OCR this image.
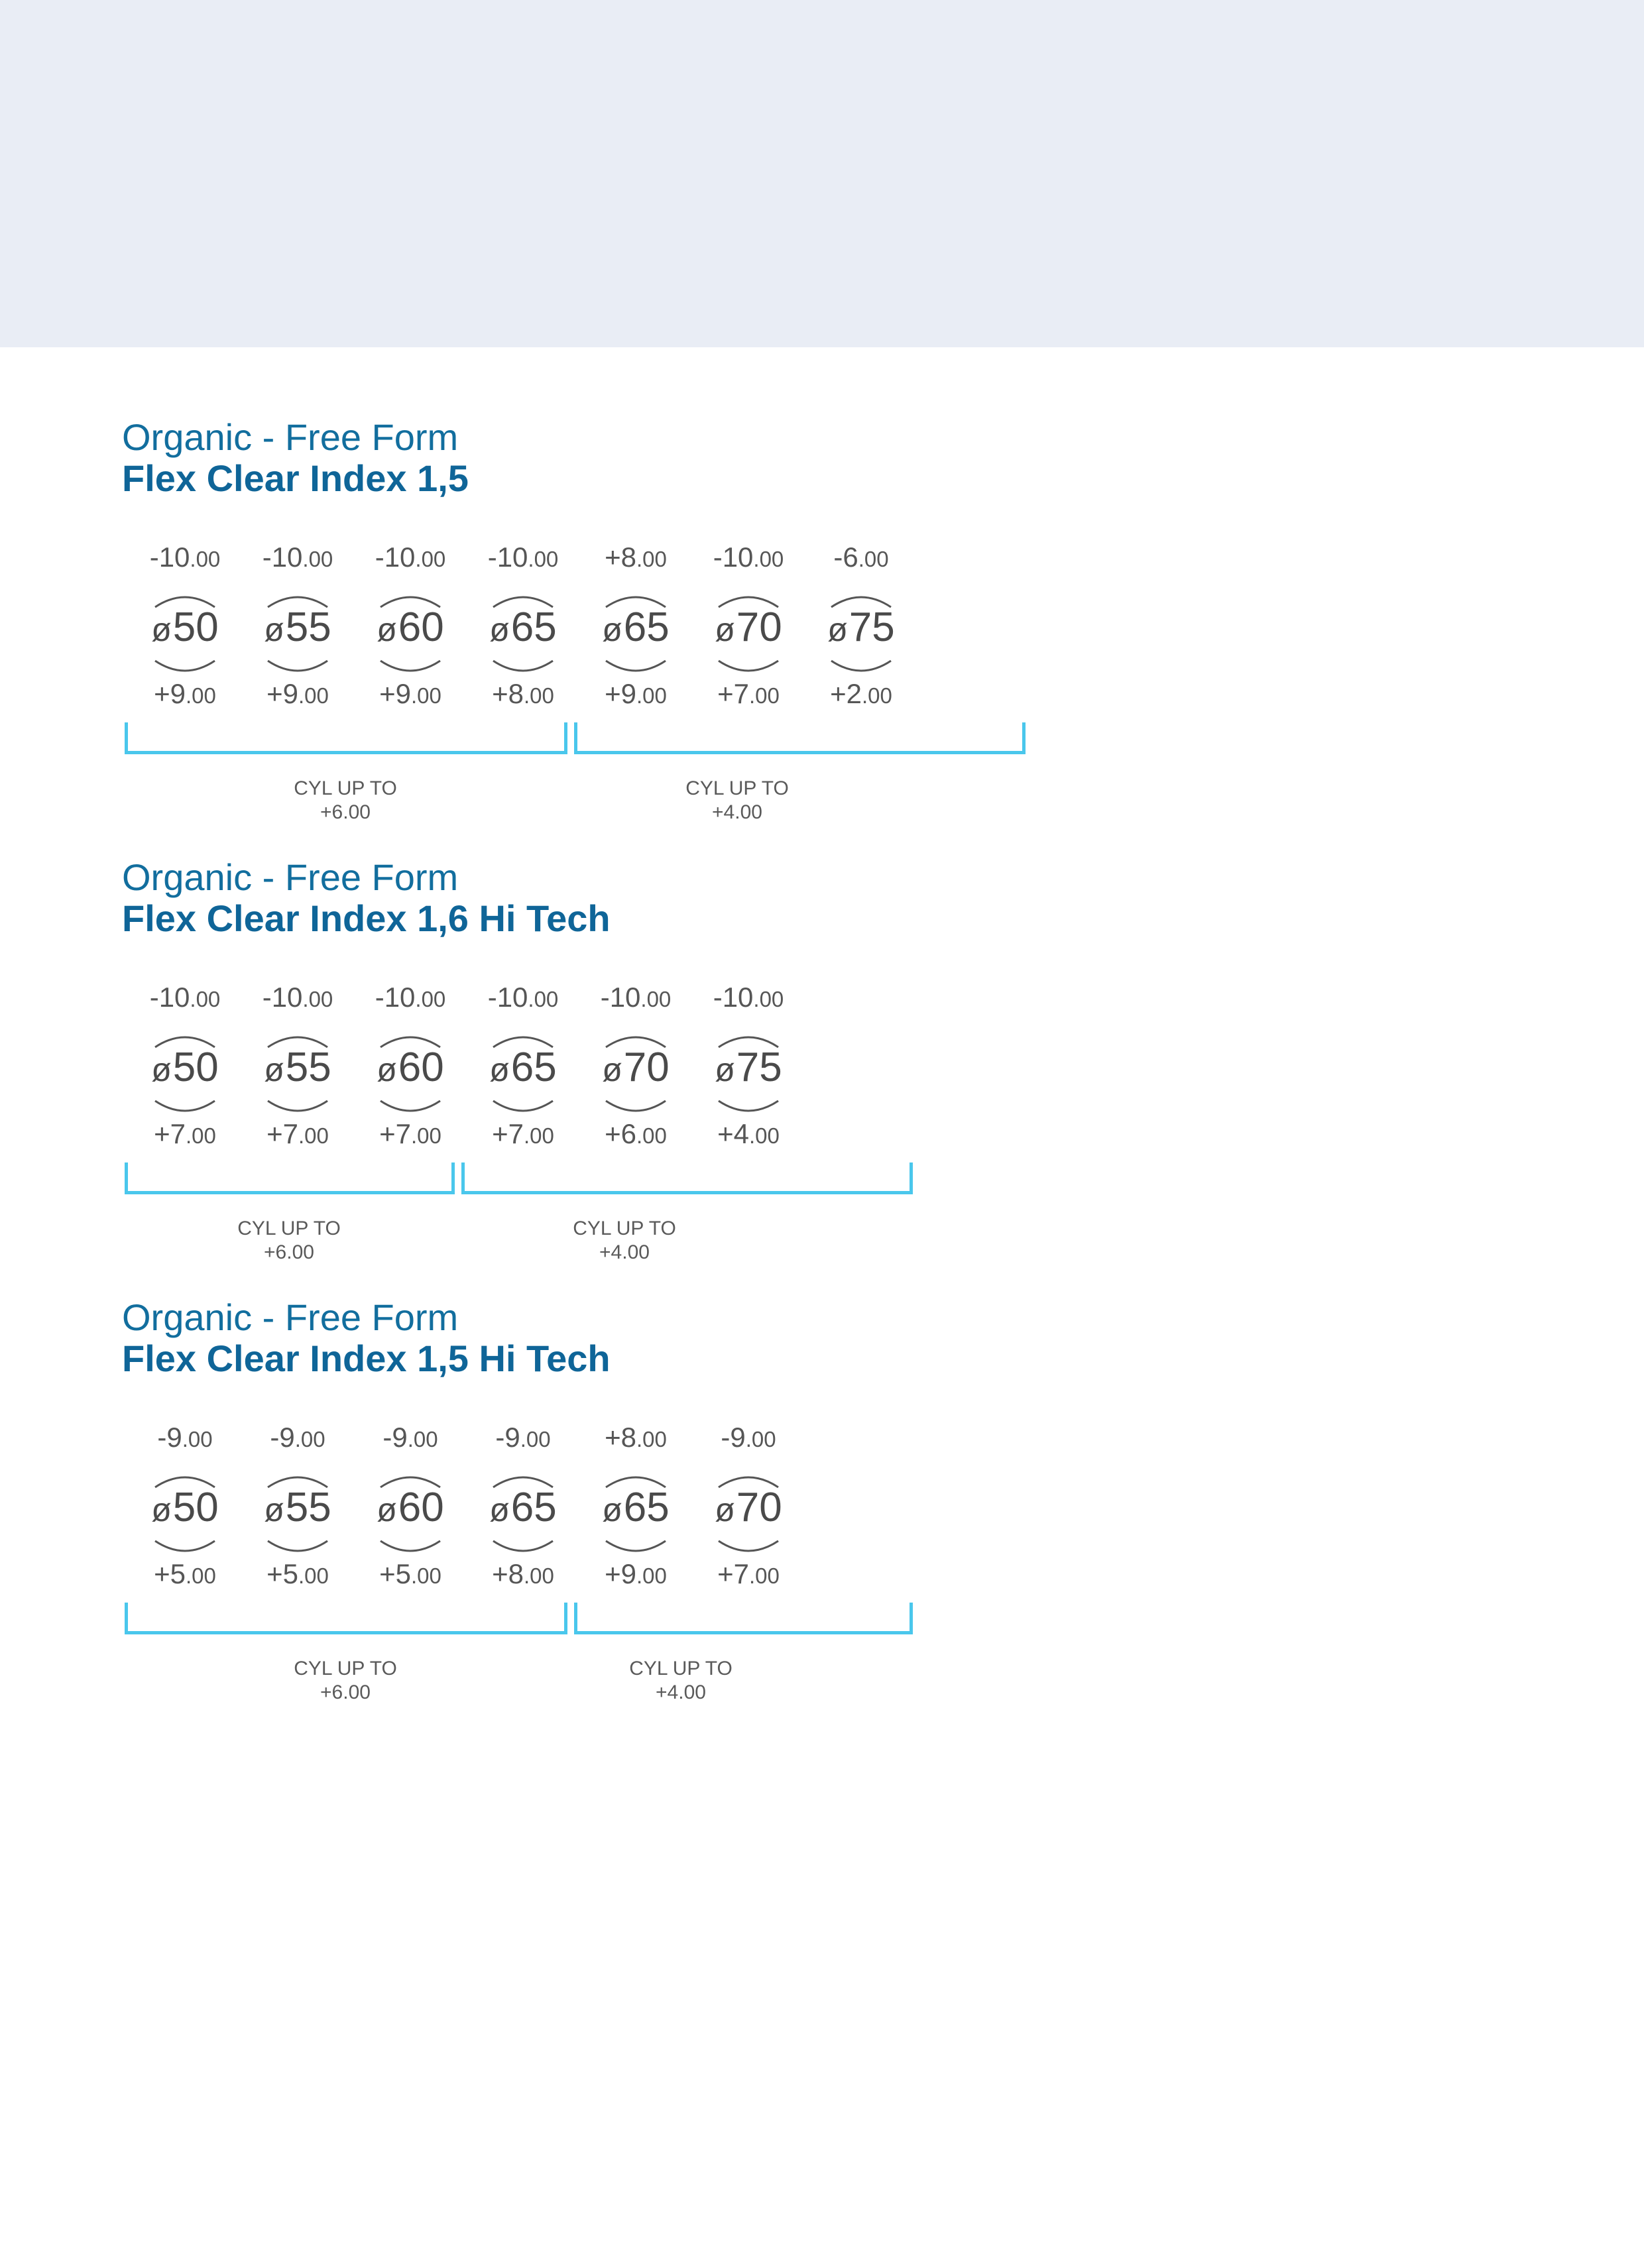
Organic - Free Form
Flex Clear Index 1,5
-10.00
ø50
+9.00
-10.00
ø55
+9.00
-10.00
ø60
+9.00
-10.00
ø65
+8.00
+8.00
ø65
+9.00
-10.00
ø70
+7.00
-6.00
ø75
+2.00
CYL UP TO
+6.00
CYL UP TO
+4.00
Organic - Free Form
Flex Clear Index 1,6 Hi Tech
-10.00
ø50
+7.00
-10.00
ø55
+7.00
-10.00
ø60
+7.00
-10.00
ø65
+7.00
-10.00
ø70
+6.00
-10.00
ø75
+4.00
CYL UP TO
+6.00
CYL UP TO
+4.00
Organic - Free Form
Flex Clear Index 1,5 Hi Tech
-9.00
ø50
+5.00
-9.00
ø55
+5.00
-9.00
ø60
+5.00
-9.00
ø65
+8.00
+8.00
ø65
+9.00
-9.00
ø70
+7.00
CYL UP TO
+6.00
CYL UP TO
+4.00
